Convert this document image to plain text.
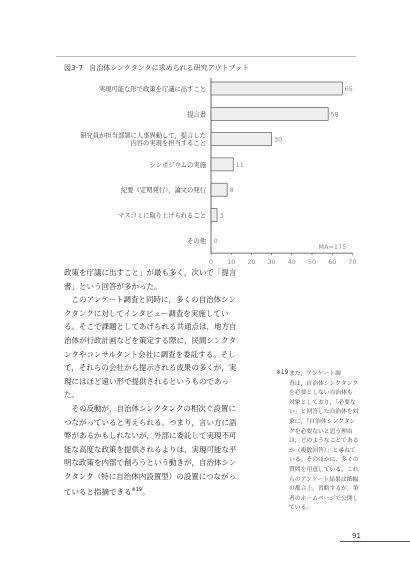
図3-7 自治体シンクタンクに求められる研究アウトプット
実現可能な形で政策を庁議に出すこと	65
提言書	58
研究員が担当部署に人事異動して，提言した内容の実現を担当すること	30
シンポジウムの実施	11
紀要（定期発行），論文の発行	8
マスコミに取り上げられること 3
その他 0
0 10 20 30 40 50 60 70
MA=175
政策を庁議に出すこと」が最も多く，次いで「提言
書」という回答が多かった。
　このアンケート調査と同時に，多くの自治体シン
クタンクに対してインタビュー調査を実施してい
る。そこで課題としてあげられる共通点は，地方自
治体が行政計画などを策定する際に，民間シンクタ
ンクやコンサルタント会社に調査を委託する。そし
て，それらの会社から提示される成果の多くが，実
現にはほど遠い形で提供されるというものであっ
た。
　その反動が，自治体シンクタンクの相次ぐ設置に
つながっていると考えられる。つまり，言い方に語
弊があるかもしれないが，外部に委託して実現不可
能な高度な政策を提供されるよりは，実現可能な平
明な政策を内部で創ろうという動きが，自治体シン
クタンク（特に自治体内設置型）の設置につながっ
ていると指摘できる$^{※19}$。
※19 また，アンケート調
査は，自治体シンクタンク
を必要としない自治体も
対象としており，「必要な
い」と回答した自治体を対
象に，「自治体シンクタン
クを必要ないと思う理由
は，どのようなことである
か（複数回答）」と尋ねて
いる。そのほかに，多くの
質問を用意している。これ
らのアンケート結果は紙幅
の都合上，省略するが，筆
者のホームページで公開し
ている。
91
